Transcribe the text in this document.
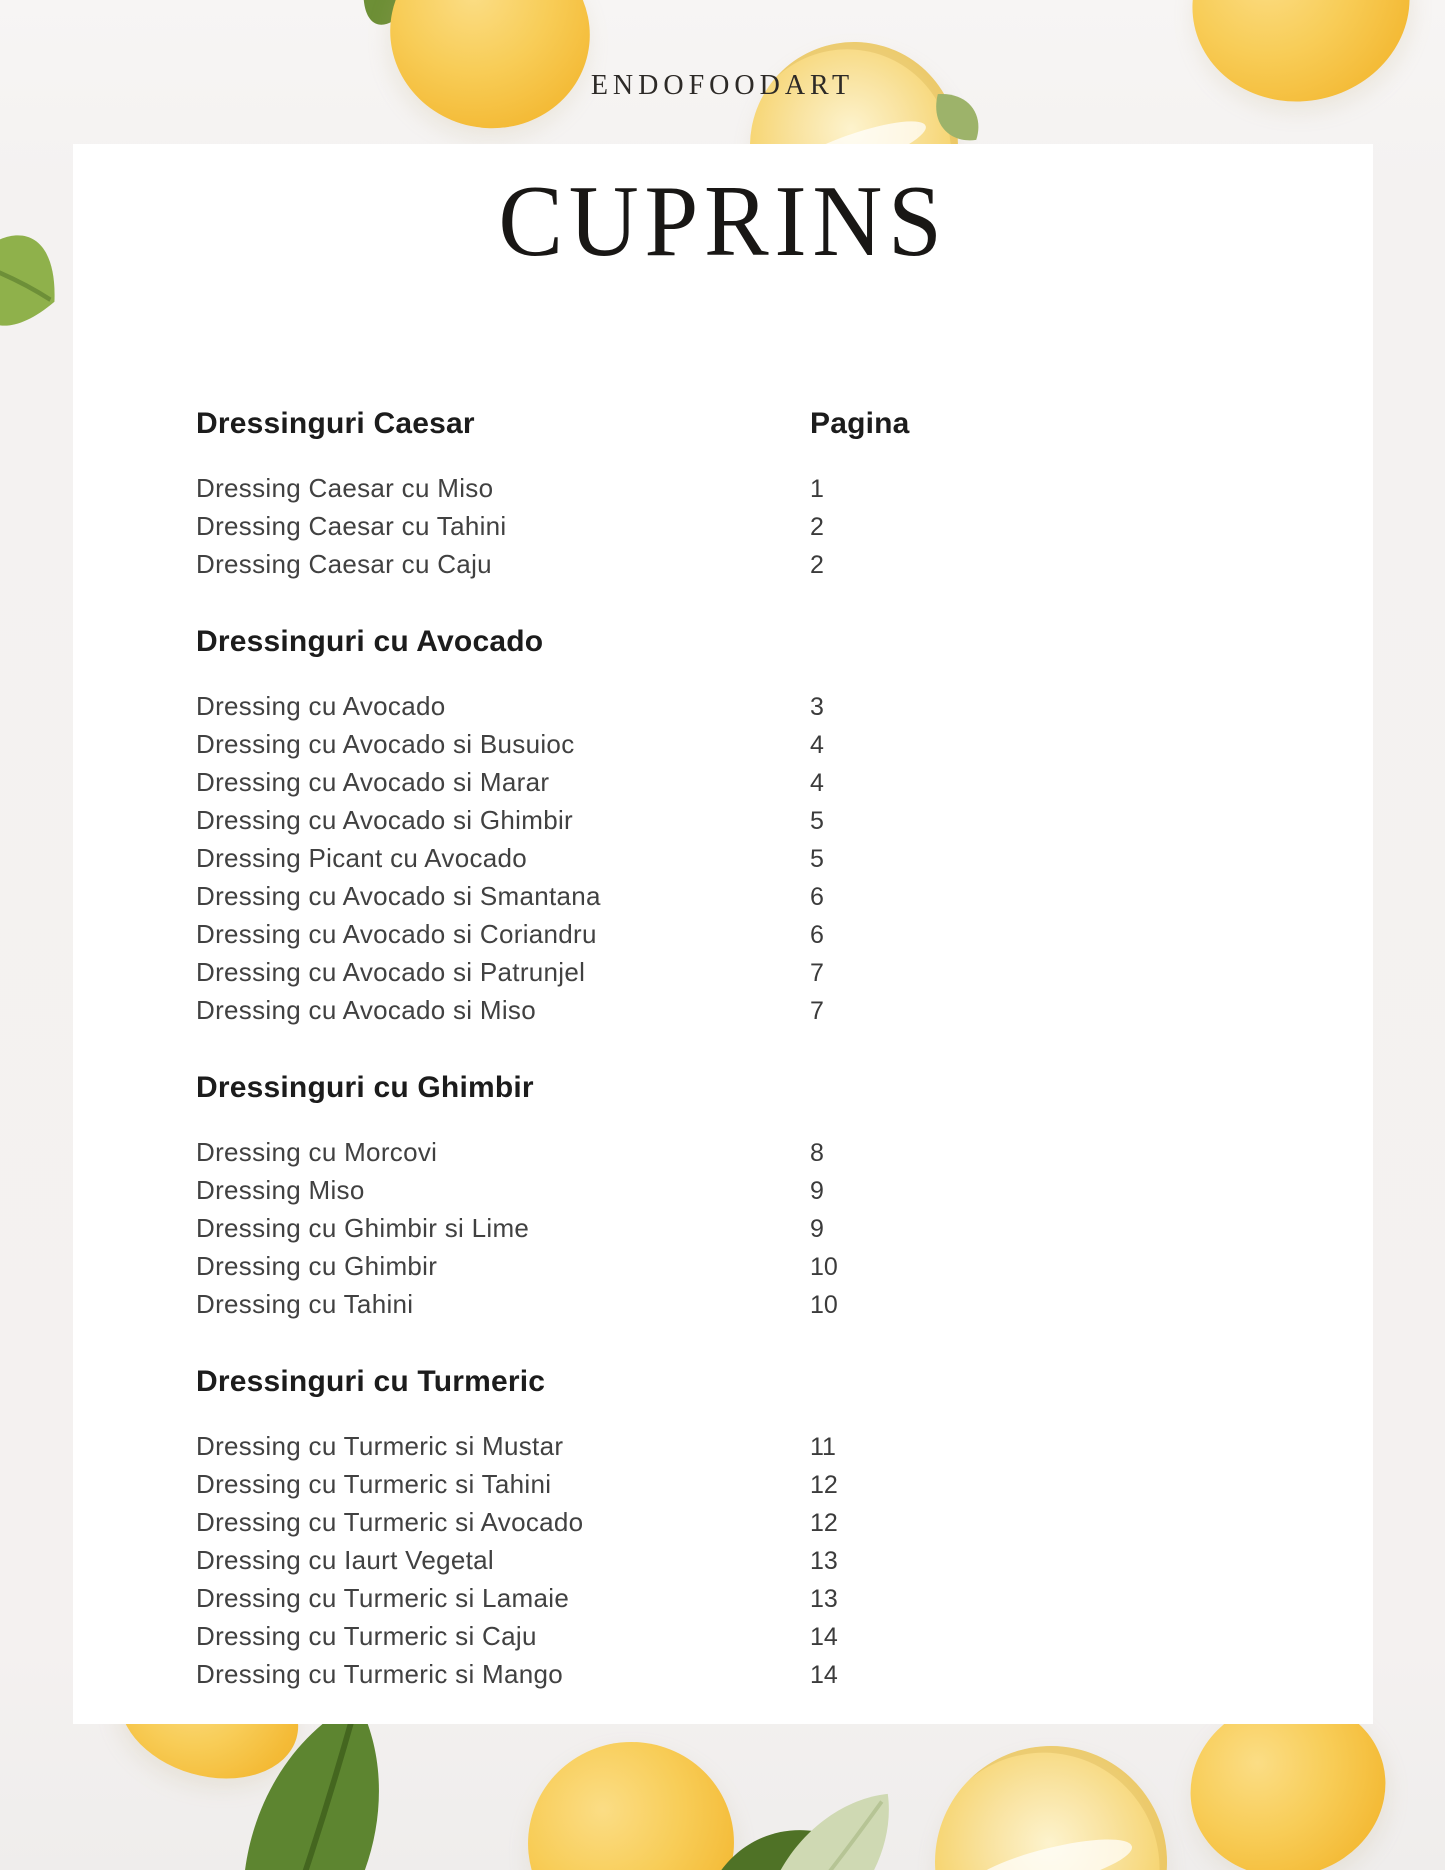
ENDOFOODART
CUPRINS
Dressinguri Caesar	Pagina
Dressing Caesar cu Miso	1
Dressing Caesar cu Tahini	2
Dressing Caesar cu Caju	2
Dressinguri cu Avocado
Dressing cu Avocado	3
Dressing cu Avocado si Busuioc	4
Dressing cu Avocado si Marar	4
Dressing cu Avocado si Ghimbir	5
Dressing Picant cu Avocado	5
Dressing cu Avocado si Smantana	6
Dressing cu Avocado si Coriandru	6
Dressing cu Avocado si Patrunjel	7
Dressing cu Avocado si Miso	7
Dressinguri cu Ghimbir
Dressing cu Morcovi	8
Dressing Miso	9
Dressing cu Ghimbir si Lime	9
Dressing cu Ghimbir	10
Dressing cu Tahini	10
Dressinguri cu Turmeric
Dressing cu Turmeric si Mustar	11
Dressing cu Turmeric si Tahini	12
Dressing cu Turmeric si Avocado	12
Dressing cu Iaurt Vegetal	13
Dressing cu Turmeric si Lamaie	13
Dressing cu Turmeric si Caju	14
Dressing cu Turmeric si Mango	14
